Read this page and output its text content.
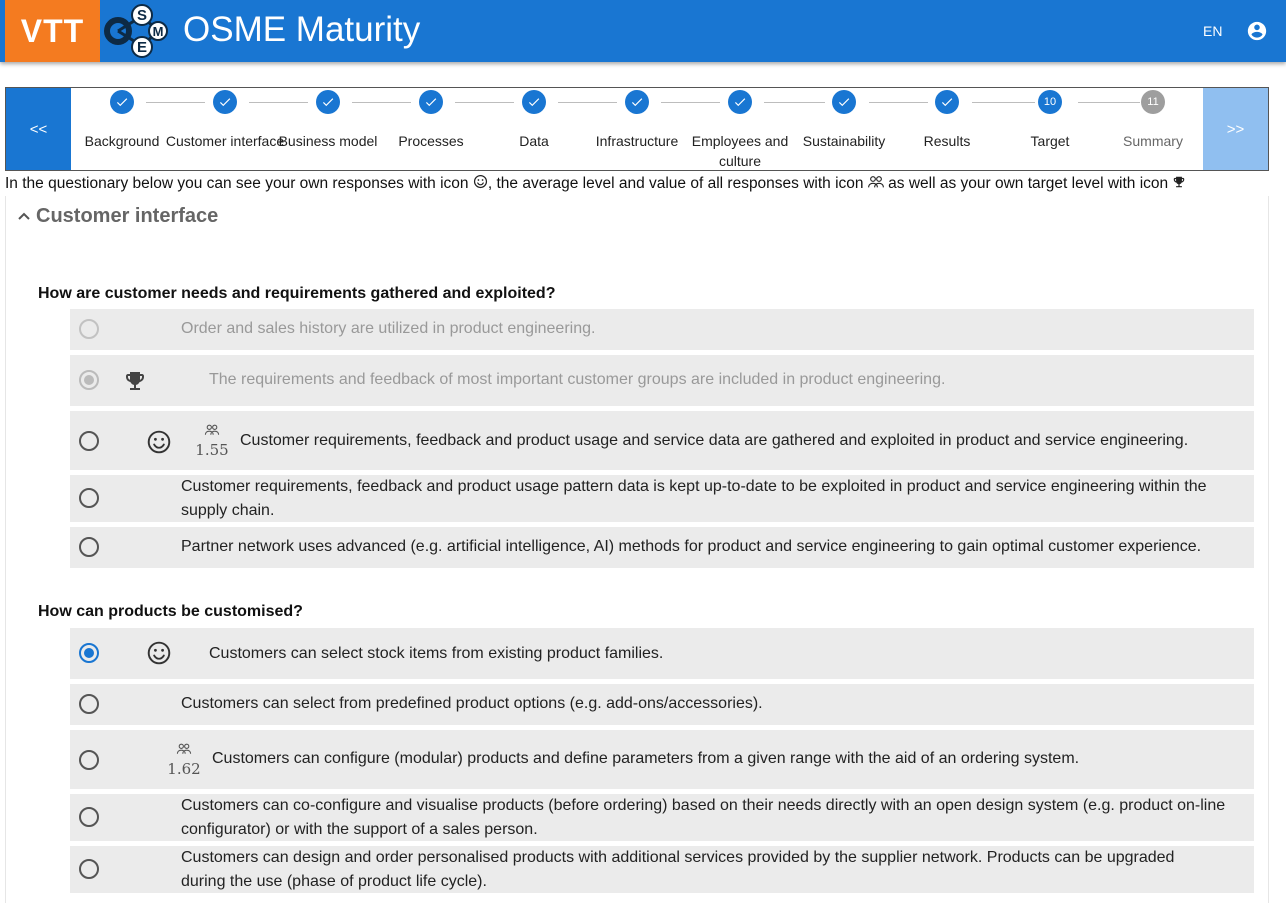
VTT	S
M
E OSME Maturity	EN
<<
Background Customer interface
Business model	Processes	Data	Infrastructure Employees and culture
Sustainability	Results
10
Target
11
Summary
>>
In the questionary below you can see your own responses with icon , the average level and value of all responses with icon as well as your own target level with icon
Customer interface
How are customer needs and requirements gathered and exploited?
Order and sales history are utilized in product engineering.
The requirements and feedback of most important customer groups are included in product engineering.
1.55
Customer requirements, feedback and product usage and service data are gathered and exploited in product and service engineering.
Customer requirements, feedback and product usage pattern data is kept up-to-date to be exploited in product and service engineering within the supply chain.
Partner network uses advanced (e.g. artificial intelligence, AI) methods for product and service engineering to gain optimal customer experience.
How can products be customised?
Customers can select stock items from existing product families.
Customers can select from predefined product options (e.g. add-ons/accessories).
1.62
Customers can configure (modular) products and define parameters from a given range with the aid of an ordering system.
Customers can co-configure and visualise products (before ordering) based on their needs directly with an open design system (e.g. product on-line configurator) or with the support of a sales person.
Customers can design and order personalised products with additional services provided by the supplier network. Products can be upgraded during the use (phase of product life cycle).
